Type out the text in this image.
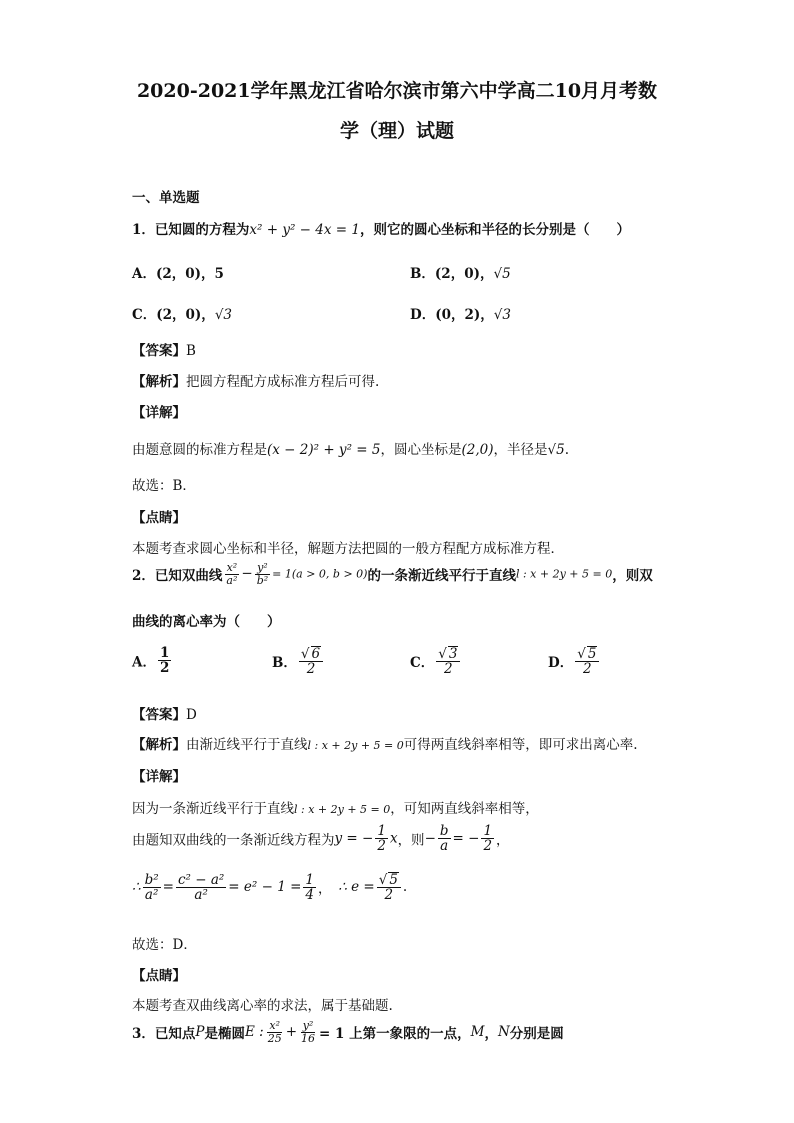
2020-2021学年黑龙江省哈尔滨市第六中学高二10月月考数
学（理）试题
一、单选题
1．已知圆的方程为x² + y² − 4x = 1，则它的圆心坐标和半径的长分别是（　　）
A．(2，0)，5	B．(2，0)，√5
C．(2，0)，√3	D．(0，2)，√3
【答案】B
【解析】把圆方程配方成标准方程后可得.
【详解】
由题意圆的标准方程是(x − 2)² + y² = 5，圆心坐标是(2,0)，半径是√5.
故选：B．
【点睛】
本题考查求圆心坐标和半径，解题方法把圆的一般方程配方成标准方程．
2．已知双曲线 $\frac{\text{x²}}{\text{a²}} - \frac{\text{y²}}{\text{b²}} = 1(a > 0$, b > 0)的一条渐近线平行于直线l : x + 2y + 5 = 0，则双
曲线的离心率为（　　）
A． $\frac{1}{2}$	B． $\frac{√ 6}{2}$	C． $\frac{√ 3}{2}$	D． $\frac{√ 5}{2}$
【答案】D
【解析】由渐近线平行于直线l : x + 2y + 5 = 0可得两直线斜率相等，即可求出离心率.
【详解】
因为一条渐近线平行于直线l : x + 2y + 5 = 0，可知两直线斜率相等，
由题知双曲线的一条渐近线方程为y = − $\frac{1}{2}$ x，则− $\frac{b}{a}$ = − $\frac{1}{2}$ ，
∴ $\frac{\text{b²}}{\text{a²}} = \frac{\text{c² − a²}}{\text{a²}} = e^2 - 1 = \frac{1}{4}$ ，　∴ $e = \frac{√ 5}{2}$ .
故选：D．
【点睛】
本题考查双曲线离心率的求法，属于基础题.
3．已知点P是椭圆E : $\frac{\text{x²}}{25} + \frac{\text{y²}}{16} = 1$ 上第一象限的一点，M，N分别是圆
